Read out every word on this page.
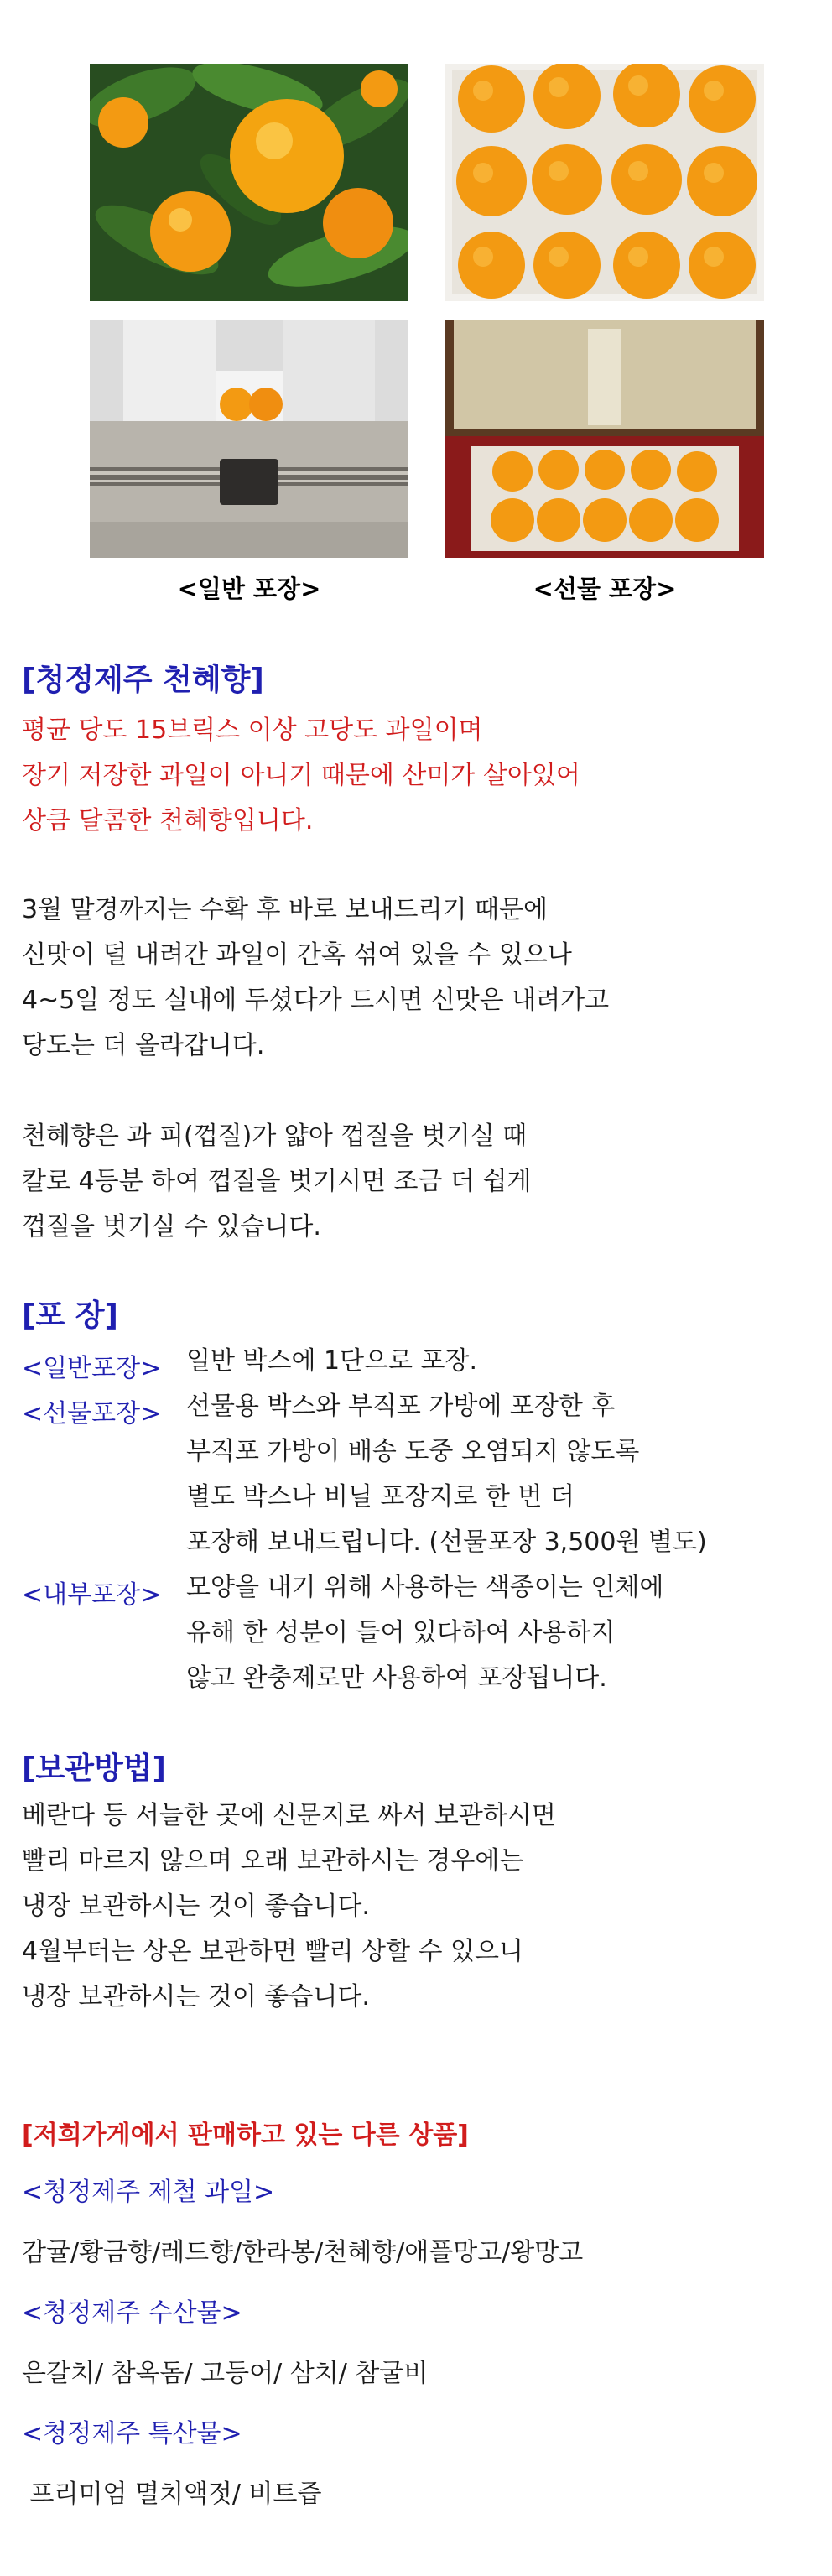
<일반 포장>	<선물 포장>
[청정제주 천혜향]
평균 당도 15브릭스 이상 고당도 과일이며
장기 저장한 과일이 아니기 때문에 산미가 살아있어
상큼 달콤한 천혜향입니다.
3월 말경까지는 수확 후 바로 보내드리기 때문에
신맛이 덜 내려간 과일이 간혹 섞여 있을 수 있으나
4~5일 정도 실내에 두셨다가 드시면 신맛은 내려가고
당도는 더 올라갑니다.
천혜향은 과 피(껍질)가 얇아 껍질을 벗기실 때
칼로 4등분 하여 껍질을 벗기시면 조금 더 쉽게
껍질을 벗기실 수 있습니다.
[포 장]
<일반포장> 일반 박스에 1단으로 포장.
<선물포장> 선물용 박스와 부직포 가방에 포장한 후
부직포 가방이 배송 도중 오염되지 않도록
별도 박스나 비닐 포장지로 한 번 더
포장해 보내드립니다. (선물포장 3,500원 별도)
<내부포장> 모양을 내기 위해 사용하는 색종이는 인체에
유해 한 성분이 들어 있다하여 사용하지
않고 완충제로만 사용하여 포장됩니다.
[보관방법]
베란다 등 서늘한 곳에 신문지로 싸서 보관하시면
빨리 마르지 않으며 오래 보관하시는 경우에는
냉장 보관하시는 것이 좋습니다.
4월부터는 상온 보관하면 빨리 상할 수 있으니
냉장 보관하시는 것이 좋습니다.
[저희가게에서 판매하고 있는 다른 상품]
<청정제주 제철 과일>
감귤/황금향/레드향/한라봉/천혜향/애플망고/왕망고
<청정제주 수산물>
은갈치/ 참옥돔/ 고등어/ 삼치/ 참굴비
<청정제주 특산물>
프리미엄 멸치액젓/ 비트즙
